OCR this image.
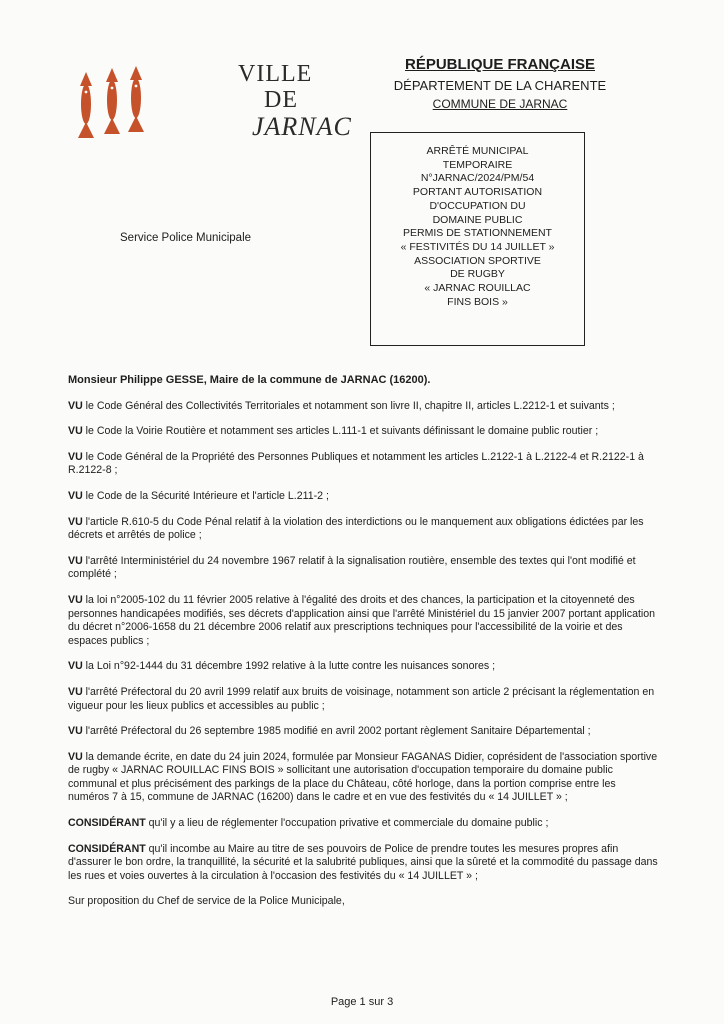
VILLE
DE
JARNAC
RÉPUBLIQUE FRANÇAISE
DÉPARTEMENT DE LA CHARENTE
COMMUNE DE JARNAC
Service Police Municipale
ARRÊTÉ MUNICIPAL
TEMPORAIRE
N°JARNAC/2024/PM/54
PORTANT AUTORISATION
D'OCCUPATION DU
DOMAINE PUBLIC
PERMIS DE STATIONNEMENT
« FESTIVITÉS DU 14 JUILLET »
ASSOCIATION SPORTIVE
DE RUGBY
« JARNAC ROUILLAC
FINS BOIS »

Monsieur Philippe GESSE, Maire de la commune de JARNAC (16200).

VU le Code Général des Collectivités Territoriales et notamment son livre II, chapitre II, articles L.2212-1 et suivants ;

VU le Code la Voirie Routière et notamment ses articles L.111-1 et suivants définissant le domaine public routier ;

VU le Code Général de la Propriété des Personnes Publiques et notamment les articles L.2122-1 à L.2122-4 et R.2122-1 à R.2122-8 ;

VU le Code de la Sécurité Intérieure et l'article L.211-2 ;

VU l'article R.610-5 du Code Pénal relatif à la violation des interdictions ou le manquement aux obligations édictées par les décrets et arrêtés de police ;

VU l'arrêté Interministériel du 24 novembre 1967 relatif à la signalisation routière, ensemble des textes qui l'ont modifié et complété ;

VU la loi n°2005-102 du 11 février 2005 relative à l'égalité des droits et des chances, la participation et la citoyenneté des personnes handicapées modifiés, ses décrets d'application ainsi que l'arrêté Ministériel du 15 janvier 2007 portant application du décret n°2006-1658 du 21 décembre 2006 relatif aux prescriptions techniques pour l'accessibilité de la voirie et des espaces publics ;

VU la Loi n°92-1444 du 31 décembre 1992 relative à la lutte contre les nuisances sonores ;

VU l'arrêté Préfectoral du 20 avril 1999 relatif aux bruits de voisinage, notamment son article 2 précisant la réglementation en vigueur pour les lieux publics et accessibles au public ;

VU l'arrêté Préfectoral du 26 septembre 1985 modifié en avril 2002 portant règlement Sanitaire Départemental ;

VU la demande écrite, en date du 24 juin 2024, formulée par Monsieur FAGANAS Didier, coprésident de l'association sportive de rugby « JARNAC ROUILLAC FINS BOIS » sollicitant une autorisation d'occupation temporaire du domaine public communal et plus précisément des parkings de la place du Château, côté horloge, dans la portion comprise entre les numéros 7 à 15, commune de JARNAC (16200) dans le cadre et en vue des festivités du « 14 JUILLET » ;

CONSIDÉRANT qu'il y a lieu de réglementer l'occupation privative et commerciale du domaine public ;

CONSIDÉRANT qu'il incombe au Maire au titre de ses pouvoirs de Police de prendre toutes les mesures propres afin d'assurer le bon ordre, la tranquillité, la sécurité et la salubrité publiques, ainsi que la sûreté et la commodité du passage dans les rues et voies ouvertes à la circulation à l'occasion des festivités du « 14 JUILLET » ;

Sur proposition du Chef de service de la Police Municipale,

Page 1 sur 3
